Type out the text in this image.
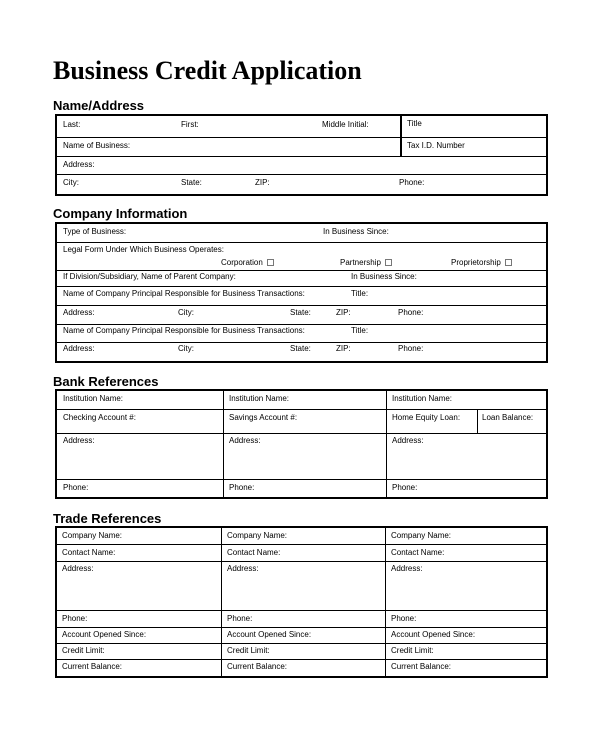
Business Credit Application
Name/Address
Last:	First:	Middle Initial:	Title
Name of Business:	Tax I.D. Number
Address:
City:	State:	ZIP:	Phone:
Company Information
Type of Business:	In Business Since:
Legal Form Under Which Business Operates:
Corporation	Partnership	Proprietorship
If Division/Subsidiary, Name of Parent Company:	In Business Since:
Name of Company Principal Responsible for Business Transactions:	Title:
Address:	City:	State:	ZIP:	Phone:
Name of Company Principal Responsible for Business Transactions:	Title:
Address:	City:	State:	ZIP:	Phone:
Bank References
Institution Name:	Institution Name:	Institution Name:
Checking Account #:	Savings Account #:	Home Equity Loan:	Loan Balance:
Address:	Address:	Address:
Phone:	Phone:	Phone:
Trade References
Company Name:	Company Name:	Company Name:
Contact Name:	Contact Name:	Contact Name:
Address:	Address:	Address:
Phone:	Phone:	Phone:
Account Opened Since:	Account Opened Since:	Account Opened Since:
Credit Limit:	Credit Limit:	Credit Limit:
Current Balance:	Current Balance:	Current Balance:
